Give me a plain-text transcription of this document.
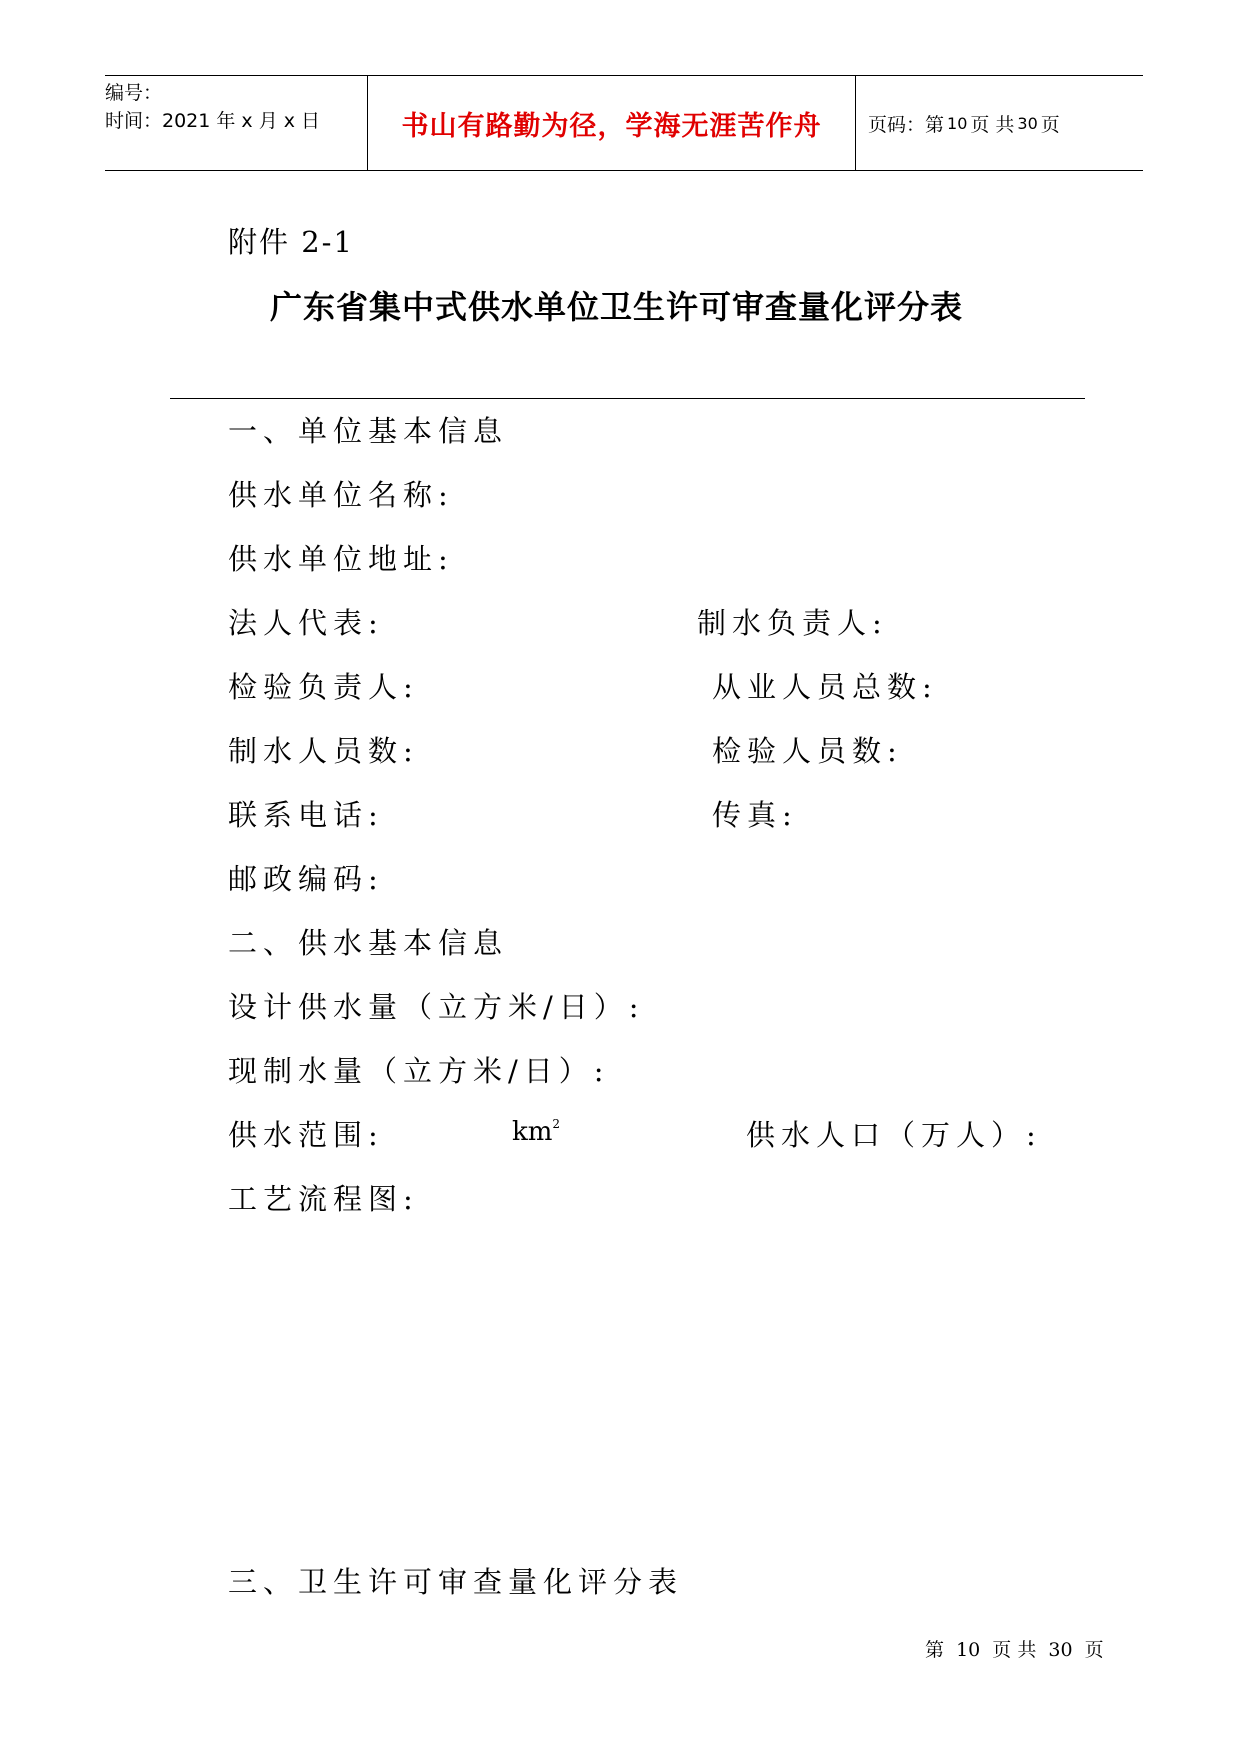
编号：
时间：2021 年 x 月 x 日	书山有路勤为径，学海无涯苦作舟	页码：第 10 页 共 30 页
附件 2-1
广东省集中式供水单位卫生许可审查量化评分表
一、单位基本信息
供水单位名称:
供水单位地址:
法人代表:	制水负责人:
检验负责人:	从业人员总数:
制水人员数:	检验人员数:
联系电话:	传真:
邮政编码:
二、供水基本信息
设计供水量（立方米/日）:
现制水量（立方米/日）:
供水范围:	$km^2$	供水人口（万人）:
工艺流程图:
三、卫生许可审查量化评分表
第 10 页 共 30 页
